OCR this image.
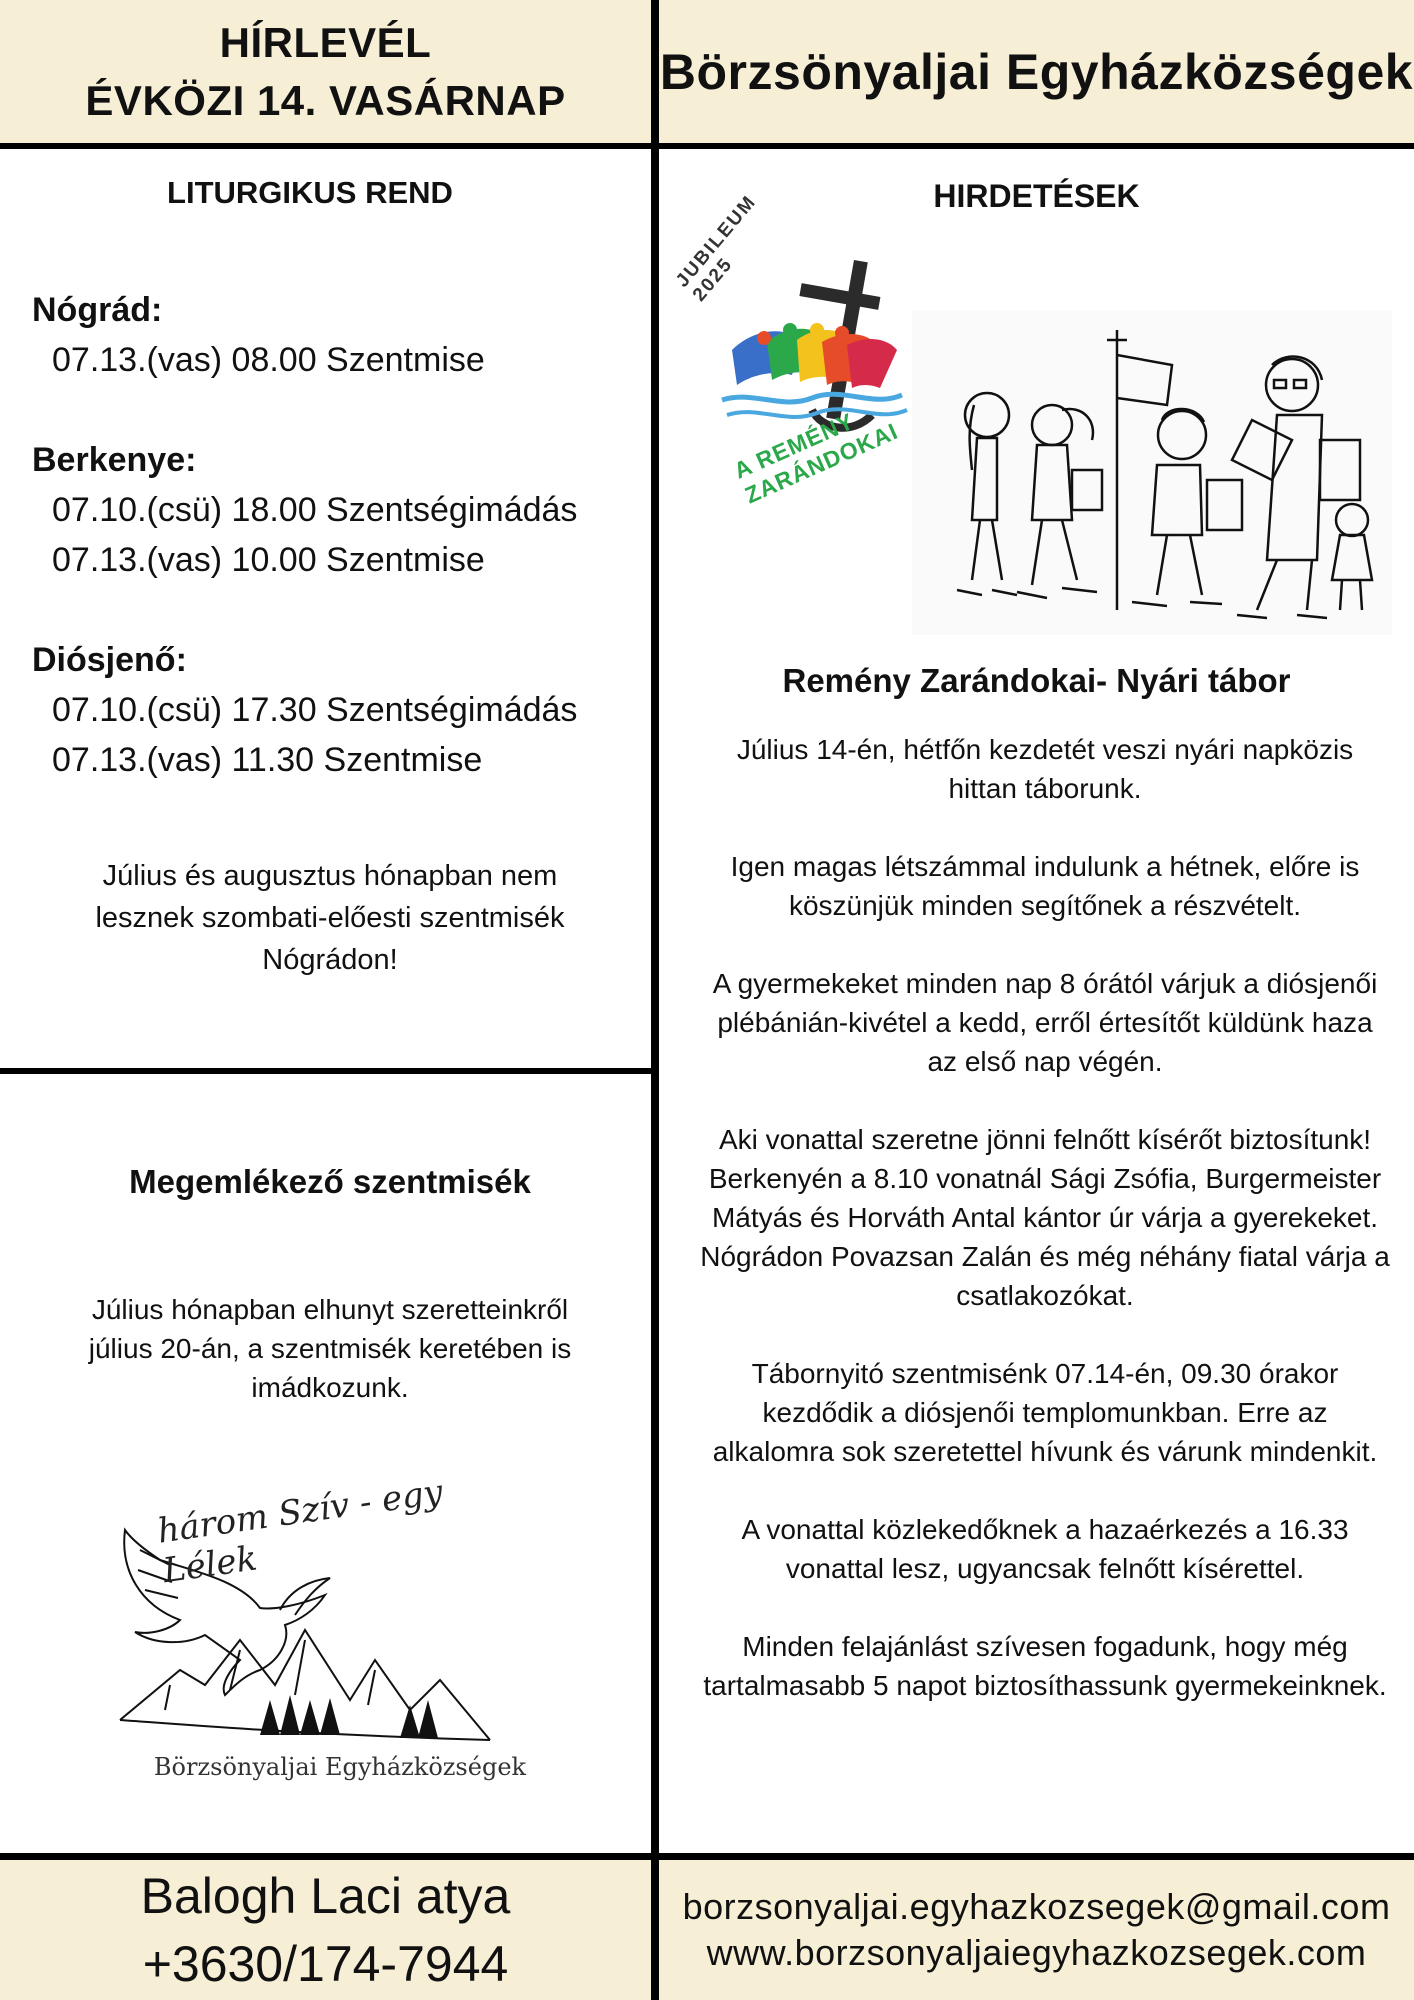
HÍRLEVÉL
ÉVKÖZI 14. VASÁRNAP
Börzsönyaljai Egyházközségek
LITURGIKUS REND
Nógrád:
07.13.(vas) 08.00 Szentmise
Berkenye:
07.10.(csü) 18.00 Szentségimádás
07.13.(vas) 10.00 Szentmise
Diósjenő:
07.10.(csü) 17.30 Szentségimádás
07.13.(vas) 11.30 Szentmise
Július és augusztus hónapban nem lesznek szombati-előesti szentmisék Nógrádon!
Megemlékező szentmisék
Július hónapban elhunyt szeretteinkről július 20-án, a szentmisék keretében is imádkozunk.
három Szív - egy Lélek
Börzsönyaljai Egyházközségek
HIRDETÉSEK
JUBILEUM 2025
A REMÉNY ZARÁNDOKAI
Remény Zarándokai- Nyári tábor

Július 14-én, hétfőn kezdetét veszi nyári napközis hittan táborunk.

Igen magas létszámmal indulunk a hétnek, előre is köszünjük minden segítőnek a részvételt.

A gyermekeket minden nap 8 órától várjuk a diósjenői plébánián-kivétel a kedd, erről értesítőt küldünk haza az első nap végén.

Aki vonattal szeretne jönni felnőtt kísérőt biztosítunk!
Berkenyén a 8.10 vonatnál Sági Zsófia, Burgermeister Mátyás és Horváth Antal kántor úr várja a gyerekeket. Nógrádon Povazsan Zalán és még néhány fiatal várja a csatlakozókat.

Tábornyitó szentmisénk 07.14-én, 09.30 órakor kezdődik a diósjenői templomunkban. Erre az alkalomra sok szeretettel hívunk és várunk mindenkit.

A vonattal közlekedőknek a hazaérkezés a 16.33 vonattal lesz, ugyancsak felnőtt kísérettel.

Minden felajánlást szívesen fogadunk, hogy még tartalmasabb 5 napot biztosíthassunk gyermekeinknek.

Balogh Laci atya
+3630/174-7944
borzsonyaljai.egyhazkozsegek@gmail.com
www.borzsonyaljaiegyhazkozsegek.com
